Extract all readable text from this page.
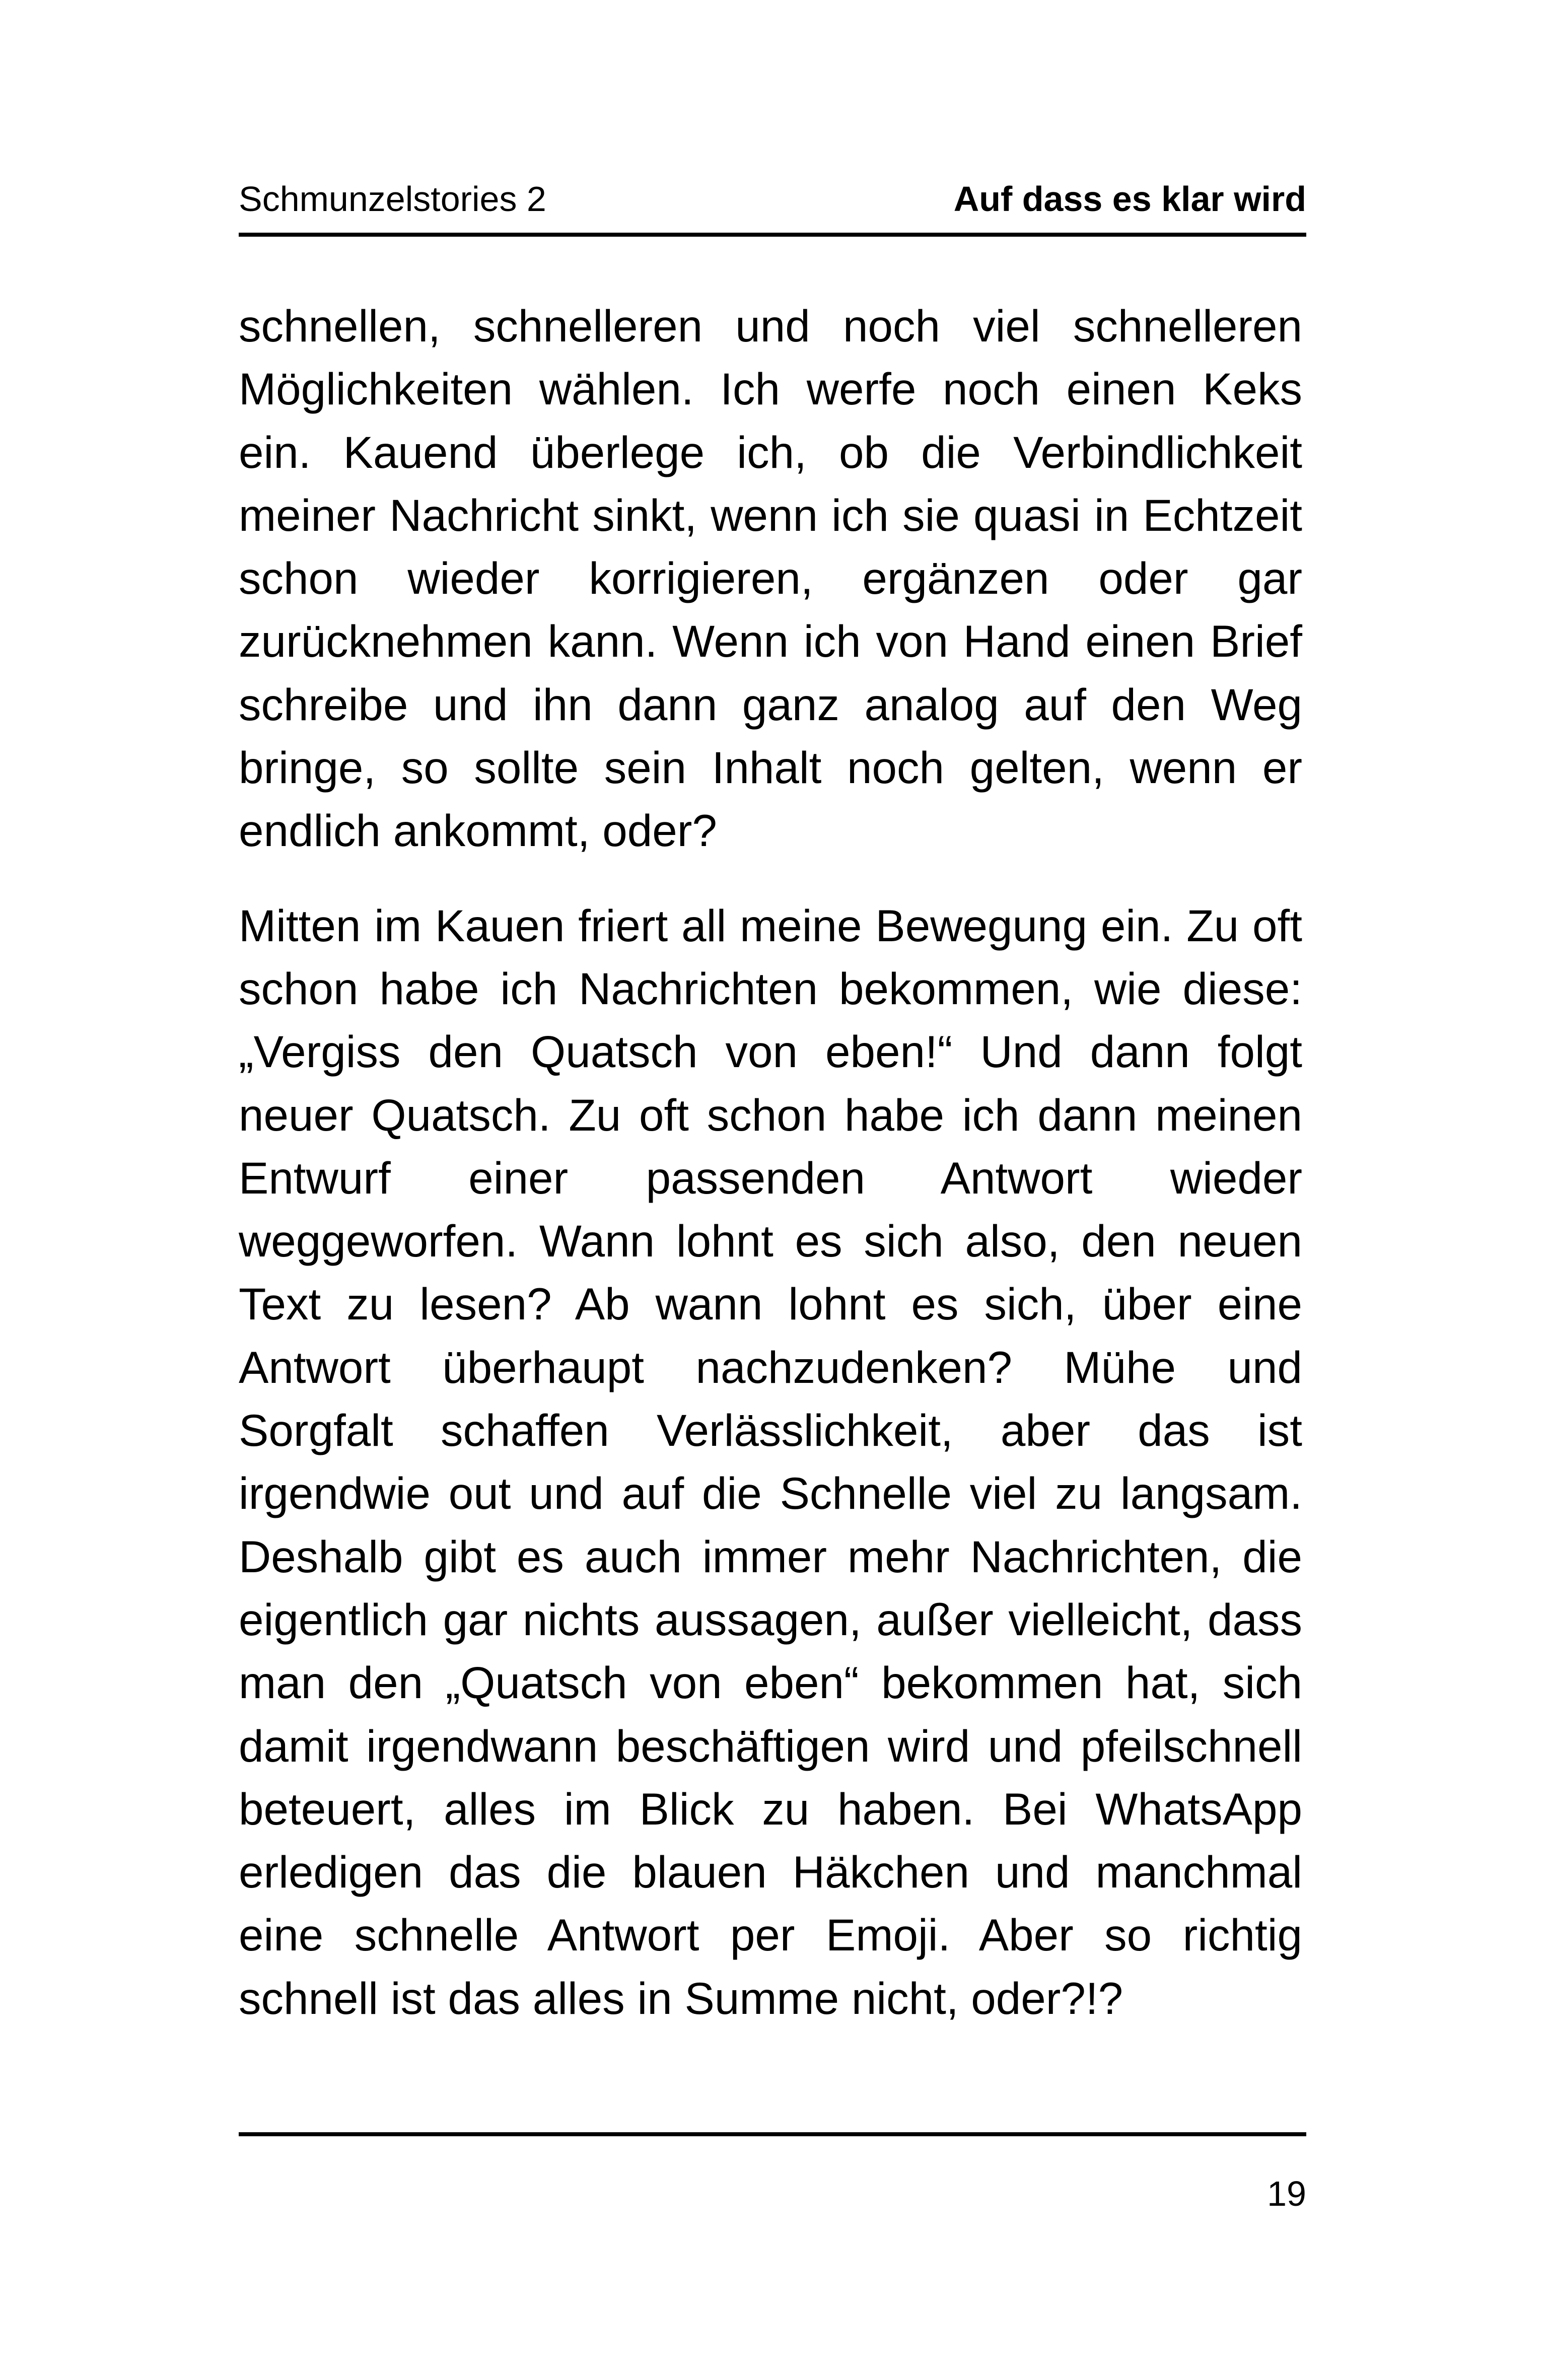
Schmunzelstories 2	Auf dass es klar wird

schnellen, schnelleren und noch viel schnelleren Möglichkeiten wählen. Ich werfe noch einen Keks ein. Kauend überlege ich, ob die Verbindlichkeit meiner Nachricht sinkt, wenn ich sie quasi in Echtzeit schon wieder korrigieren, ergänzen oder gar zurücknehmen kann. Wenn ich von Hand einen Brief schreibe und ihn dann ganz analog auf den Weg bringe, so sollte sein Inhalt noch gelten, wenn er endlich ankommt, oder?

Mitten im Kauen friert all meine Bewegung ein. Zu oft schon habe ich Nachrichten bekommen, wie diese: „Vergiss den Quatsch von eben!“ Und dann folgt neuer Quatsch. Zu oft schon habe ich dann meinen Entwurf einer passenden Antwort wieder weggeworfen. Wann lohnt es sich also, den neuen Text zu lesen? Ab wann lohnt es sich, über eine Antwort überhaupt nachzudenken? Mühe und Sorgfalt schaffen Verlässlichkeit, aber das ist irgendwie out und auf die Schnelle viel zu langsam. Deshalb gibt es auch immer mehr Nachrichten, die eigentlich gar nichts aussagen, außer vielleicht, dass man den „Quatsch von eben“ bekommen hat, sich damit irgendwann beschäftigen wird und pfeilschnell beteuert, alles im Blick zu haben. Bei WhatsApp erledigen das die blauen Häkchen und manchmal eine schnelle Antwort per Emoji. Aber so richtig schnell ist das alles in Summe nicht, oder?!?

19
